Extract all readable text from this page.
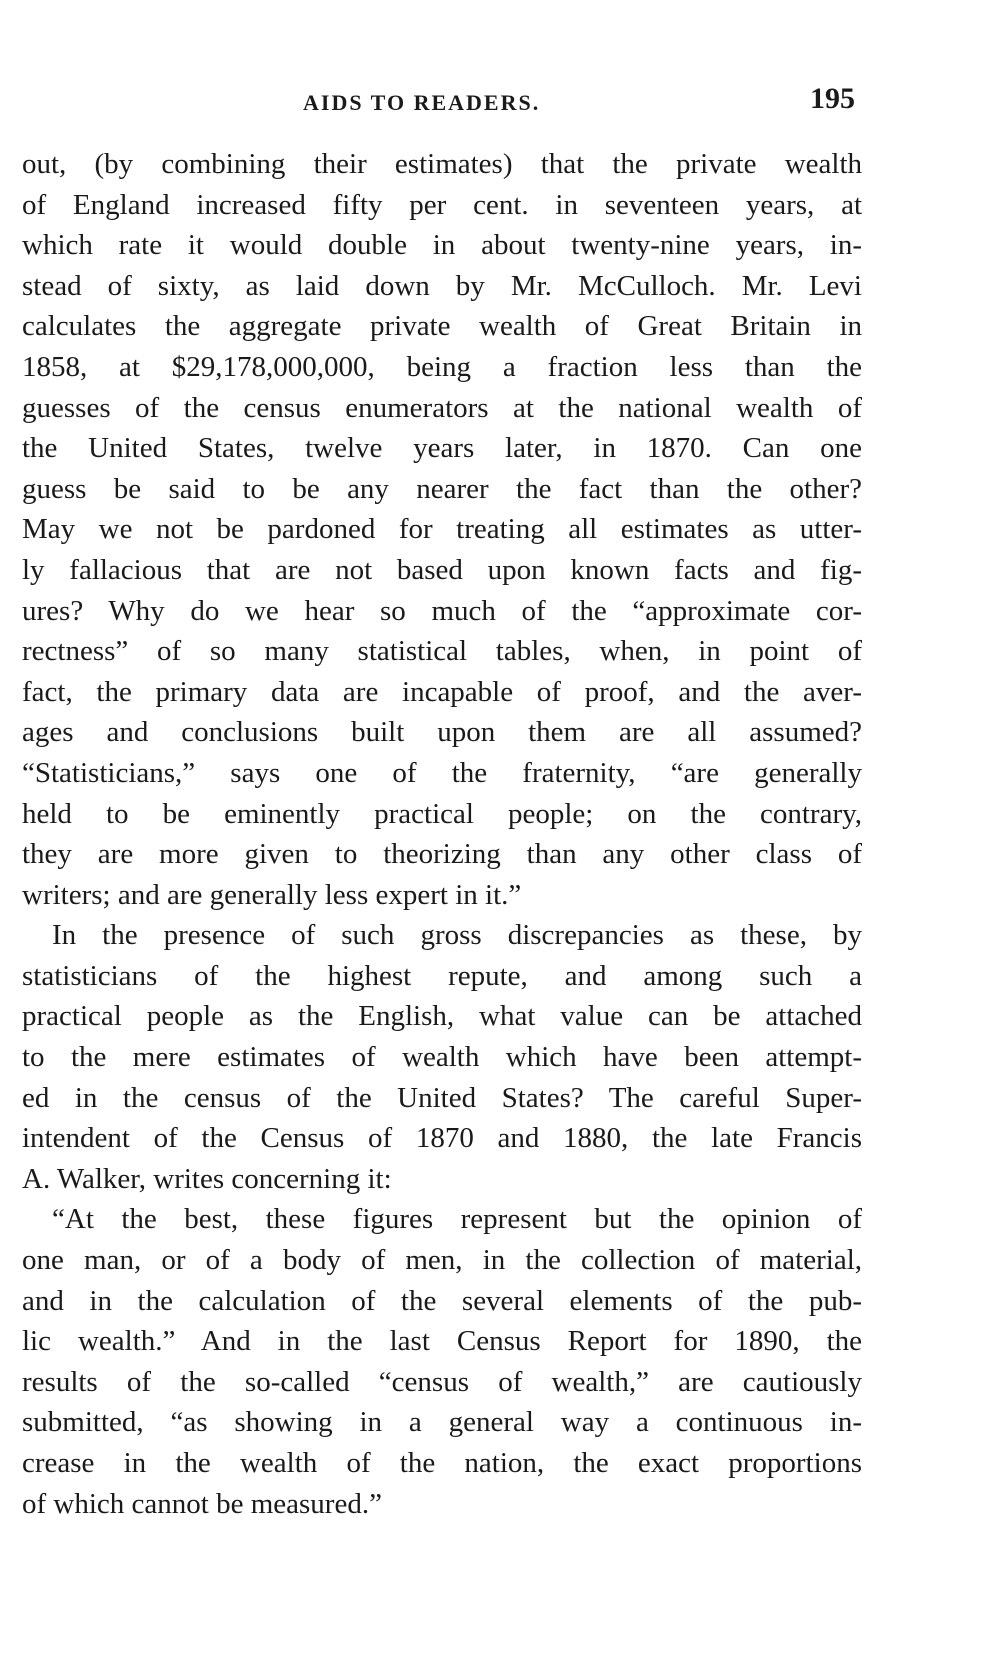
AIDS TO READERS.	195
out, (by combining their estimates) that the private wealth
of England increased fifty per cent. in seventeen years, at
which rate it would double in about twenty-nine years, in-
stead of sixty, as laid down by Mr. McCulloch. Mr. Levi
calculates the aggregate private wealth of Great Britain in
1858, at $29,178,000,000, being a fraction less than the
guesses of the census enumerators at the national wealth of
the United States, twelve years later, in 1870. Can one
guess be said to be any nearer the fact than the other?
May we not be pardoned for treating all estimates as utter-
ly fallacious that are not based upon known facts and fig-
ures? Why do we hear so much of the “approximate cor-
rectness” of so many statistical tables, when, in point of
fact, the primary data are incapable of proof, and the aver-
ages and conclusions built upon them are all assumed?
“Statisticians,” says one of the fraternity, “are generally
held to be eminently practical people; on the contrary,
they are more given to theorizing than any other class of
writers; and are generally less expert in it.”
In the presence of such gross discrepancies as these, by
statisticians of the highest repute, and among such a
practical people as the English, what value can be attached
to the mere estimates of wealth which have been attempt-
ed in the census of the United States? The careful Super-
intendent of the Census of 1870 and 1880, the late Francis
A. Walker, writes concerning it:
“At the best, these figures represent but the opinion of
one man, or of a body of men, in the collection of material,
and in the calculation of the several elements of the pub-
lic wealth.” And in the last Census Report for 1890, the
results of the so-called “census of wealth,” are cautiously
submitted, “as showing in a general way a continuous in-
crease in the wealth of the nation, the exact proportions
of which cannot be measured.”
